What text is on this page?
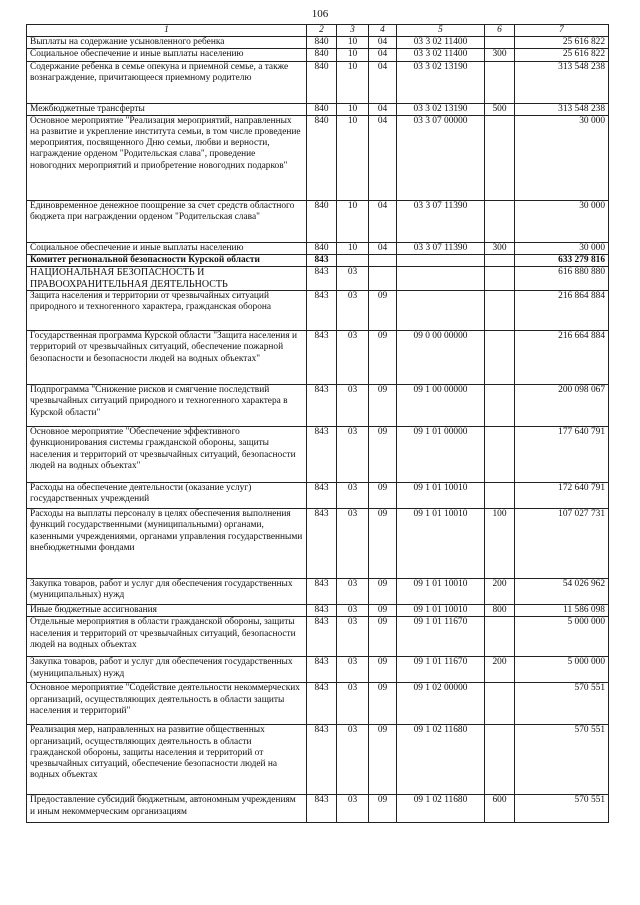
106
1	2	3	4	5	6	7
Выплаты на содержание усыновленного ребенка	840	10	04	03 3 02 11400		25 616 822
Социальное обеспечение и иные выплаты населению	840	10	04	03 3 02 11400	300	25 616 822
Содержание ребенка в семье опекуна и приемной семье, а также вознаграждение, причитающееся приемному родителю	840	10	04	03 3 02 13190		313 548 238
Межбюджетные трансферты	840	10	04	03 3 02 13190	500	313 548 238
Основное мероприятие "Реализация мероприятий, направленных на развитие и укрепление института семьи, в том числе проведение мероприятия, посвященного Дню семьи, любви и верности, награждение орденом "Родительская слава", проведение новогодних мероприятий и приобретение новогодних подарков"	840	10	04	03 3 07 00000		30 000
Единовременное денежное поощрение за счет средств областного бюджета при награждении орденом "Родительская слава"	840	10	04	03 3 07 11390		30 000
Социальное обеспечение и иные выплаты населению	840	10	04	03 3 07 11390	300	30 000
Комитет региональной безопасности Курской области	843					633 279 816
НАЦИОНАЛЬНАЯ БЕЗОПАСНОСТЬ И ПРАВООХРАНИТЕЛЬНАЯ ДЕЯТЕЛЬНОСТЬ	843	03				616 880 880
Защита населения и территории от чрезвычайных ситуаций природного и техногенного характера, гражданская оборона	843	03	09			216 864 884
Государственная программа Курской области "Защита населения и территорий от чрезвычайных ситуаций, обеспечение пожарной безопасности и безопасности людей на водных объектах"	843	03	09	09 0 00 00000		216 664 884
Подпрограмма "Снижение рисков и смягчение последствий чрезвычайных ситуаций природного и техногенного характера в Курской области"	843	03	09	09 1 00 00000		200 098 067
Основное мероприятие "Обеспечение эффективного функционирования системы гражданской обороны, защиты населения и территорий от чрезвычайных ситуаций, безопасности людей на водных объектах"	843	03	09	09 1 01 00000		177 640 791
Расходы на обеспечение деятельности (оказание услуг) государственных учреждений	843	03	09	09 1 01 10010		172 640 791
Расходы на выплаты персоналу в целях обеспечения выполнения функций государственными (муниципальными) органами, казенными учреждениями, органами управления государственными внебюджетными фондами	843	03	09	09 1 01 10010	100	107 027 731
Закупка товаров, работ и услуг для обеспечения государственных (муниципальных) нужд	843	03	09	09 1 01 10010	200	54 026 962
Иные бюджетные ассигнования	843	03	09	09 1 01 10010	800	11 586 098
Отдельные мероприятия в области гражданской обороны, защиты населения и территорий от чрезвычайных ситуаций, безопасности людей на водных объектах	843	03	09	09 1 01 11670		5 000 000
Закупка товаров, работ и услуг для обеспечения государственных (муниципальных) нужд	843	03	09	09 1 01 11670	200	5 000 000
Основное мероприятие "Содействие деятельности некоммерческих организаций, осуществляющих деятельность в области защиты населения и территорий"	843	03	09	09 1 02 00000		570 551
Реализация мер, направленных на развитие общественных организаций, осуществляющих деятельность в области гражданской обороны, защиты населения и территорий от чрезвычайных ситуаций, обеспечение безопасности людей на водных объектах	843	03	09	09 1 02 11680		570 551
Предоставление субсидий бюджетным, автономным учреждениям и иным некоммерческим организациям	843	03	09	09 1 02 11680	600	570 551
